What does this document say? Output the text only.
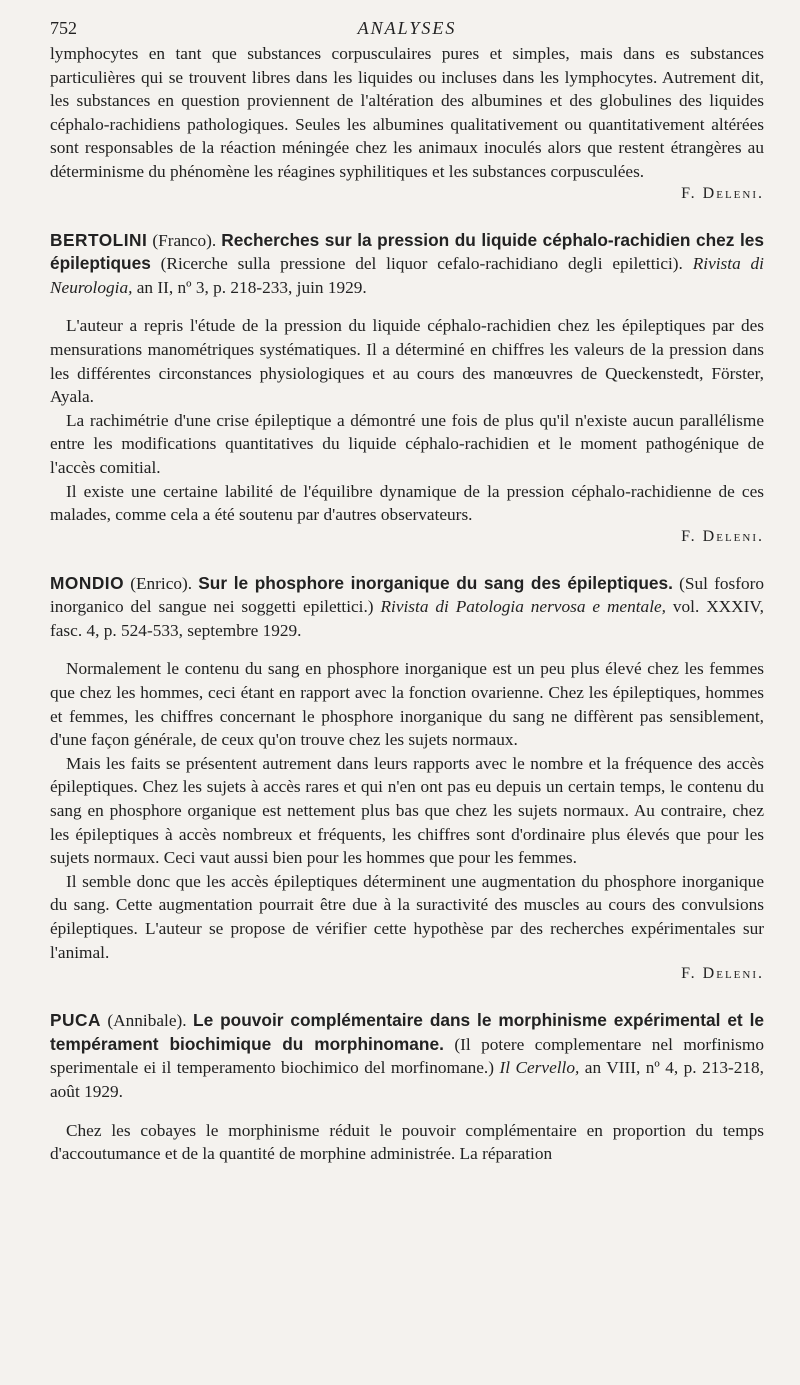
752	ANALYSES

lymphocytes en tant que substances corpusculaires pures et simples, mais dans es substances particulières qui se trouvent libres dans les liquides ou incluses dans les lymphocytes. Autrement dit, les substances en question proviennent de l'altération des albumines et des globulines des liquides céphalo-rachidiens pathologiques. Seules les albumines qualitativement ou quantitativement altérées sont responsables de la réaction méningée chez les animaux inoculés alors que restent étrangères au déterminisme du phénomène les réagines syphilitiques et les substances corpusculées.

F. Deleni.

BERTOLINI (Franco). Recherches sur la pression du liquide céphalo-rachidien chez les épileptiques (Ricerche sulla pressione del liquor cefalo-rachidiano degli epilettici). Rivista di Neurologia, an II, nº 3, p. 218-233, juin 1929.

L'auteur a repris l'étude de la pression du liquide céphalo-rachidien chez les épileptiques par des mensurations manométriques systématiques. Il a déterminé en chiffres les valeurs de la pression dans les différentes circonstances physiologiques et au cours des manœuvres de Queckenstedt, Förster, Ayala.

La rachimétrie d'une crise épileptique a démontré une fois de plus qu'il n'existe aucun parallélisme entre les modifications quantitatives du liquide céphalo-rachidien et le moment pathogénique de l'accès comitial.

Il existe une certaine labilité de l'équilibre dynamique de la pression céphalo-rachidienne de ces malades, comme cela a été soutenu par d'autres observateurs.

F. Deleni.

MONDIO (Enrico). Sur le phosphore inorganique du sang des épileptiques. (Sul fosforo inorganico del sangue nei soggetti epilettici.) Rivista di Patologia nervosa e mentale, vol. XXXIV, fasc. 4, p. 524-533, septembre 1929.

Normalement le contenu du sang en phosphore inorganique est un peu plus élevé chez les femmes que chez les hommes, ceci étant en rapport avec la fonction ovarienne. Chez les épileptiques, hommes et femmes, les chiffres concernant le phosphore inorganique du sang ne diffèrent pas sensiblement, d'une façon générale, de ceux qu'on trouve chez les sujets normaux.

Mais les faits se présentent autrement dans leurs rapports avec le nombre et la fréquence des accès épileptiques. Chez les sujets à accès rares et qui n'en ont pas eu depuis un certain temps, le contenu du sang en phosphore organique est nettement plus bas que chez les sujets normaux. Au contraire, chez les épileptiques à accès nombreux et fréquents, les chiffres sont d'ordinaire plus élevés que pour les sujets normaux. Ceci vaut aussi bien pour les hommes que pour les femmes.

Il semble donc que les accès épileptiques déterminent une augmentation du phosphore inorganique du sang. Cette augmentation pourrait être due à la suractivité des muscles au cours des convulsions épileptiques. L'auteur se propose de vérifier cette hypothèse par des recherches expérimentales sur l'animal.

F. Deleni.

PUCA (Annibale). Le pouvoir complémentaire dans le morphinisme expérimental et le tempérament biochimique du morphinomane. (Il potere complementare nel morfinismo sperimentale ei il temperamento biochimico del morfinomane.) Il Cervello, an VIII, nº 4, p. 213-218, août 1929.

Chez les cobayes le morphinisme réduit le pouvoir complémentaire en proportion du temps d'accoutumance et de la quantité de morphine administrée. La réparation
